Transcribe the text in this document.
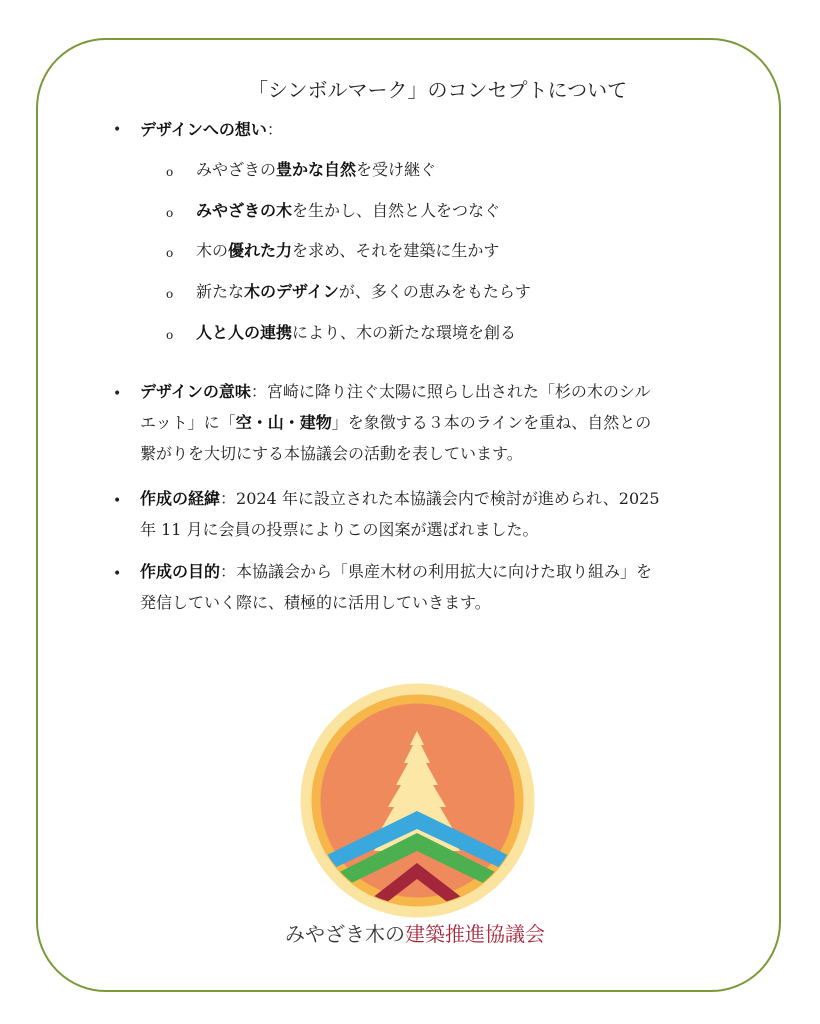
「シンボルマーク」のコンセプトについて
• デザインへの想い：
o みやざきの豊かな自然を受け継ぐ
o みやざきの木を生かし、自然と人をつなぐ
o 木の優れた力を求め、それを建築に生かす
o 新たな木のデザインが、多くの恵みをもたらす
o 人と人の連携により、木の新たな環境を創る
• デザインの意味：宮崎に降り注ぐ太陽に照らし出された「杉の木のシル
エット」に「空・山・建物」を象徴する３本のラインを重ね、自然との
繋がりを大切にする本協議会の活動を表しています。
• 作成の経緯：2024 年に設立された本協議会内で検討が進められ、2025
年 11 月に会員の投票によりこの図案が選ばれました。
• 作成の目的：本協議会から「県産木材の利用拡大に向けた取り組み」を
発信していく際に、積極的に活用していきます。
みやざき木の建築推進協議会
